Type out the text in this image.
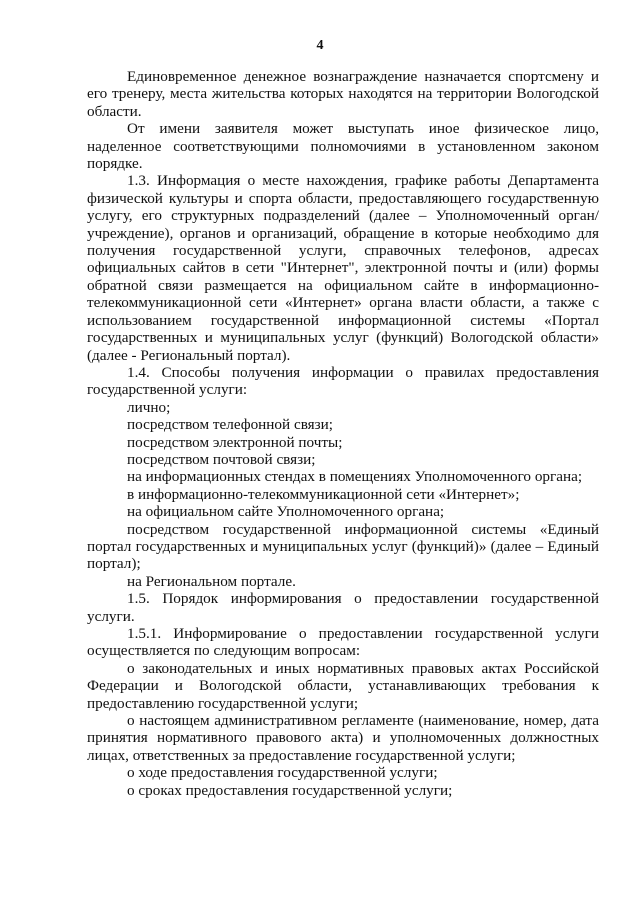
4

Единовременное денежное вознаграждение назначается спортсмену и его тренеру, места жительства которых находятся на территории Вологодской области.

От имени заявителя может выступать иное физическое лицо, наделенное соответствующими полномочиями в установленном законом порядке.

1.3. Информация о месте нахождения, графике работы Департамента физической культуры и спорта области, предоставляющего государственную услугу, его структурных подразделений (далее – Уполномоченный орган/учреждение), органов и организаций, обращение в которые необходимо для получения государственной услуги, справочных телефонов, адресах официальных сайтов в сети "Интернет", электронной почты и (или) формы обратной связи размещается на официальном сайте в информационно-телекоммуникационной сети «Интернет» органа власти области, а также с использованием государственной информационной системы «Портал государственных и муниципальных услуг (функций) Вологодской области» (далее - Региональный портал).

1.4. Способы получения информации о правилах предоставления государственной услуги:

лично;

посредством телефонной связи;

посредством электронной почты;

посредством почтовой связи;

на информационных стендах в помещениях Уполномоченного органа;

в информационно-телекоммуникационной сети «Интернет»;

на официальном сайте Уполномоченного органа;

посредством государственной информационной системы «Единый портал государственных и муниципальных услуг (функций)» (далее – Единый портал);

на Региональном портале.

1.5. Порядок информирования о предоставлении государственной услуги.

1.5.1. Информирование о предоставлении государственной услуги осуществляется по следующим вопросам:

о законодательных и иных нормативных правовых актах Российской Федерации и Вологодской области, устанавливающих требования к предоставлению государственной услуги;

о настоящем административном регламенте (наименование, номер, дата принятия нормативного правового акта) и уполномоченных должностных лицах, ответственных за предоставление государственной услуги;

о ходе предоставления государственной услуги;

о сроках предоставления государственной услуги;
